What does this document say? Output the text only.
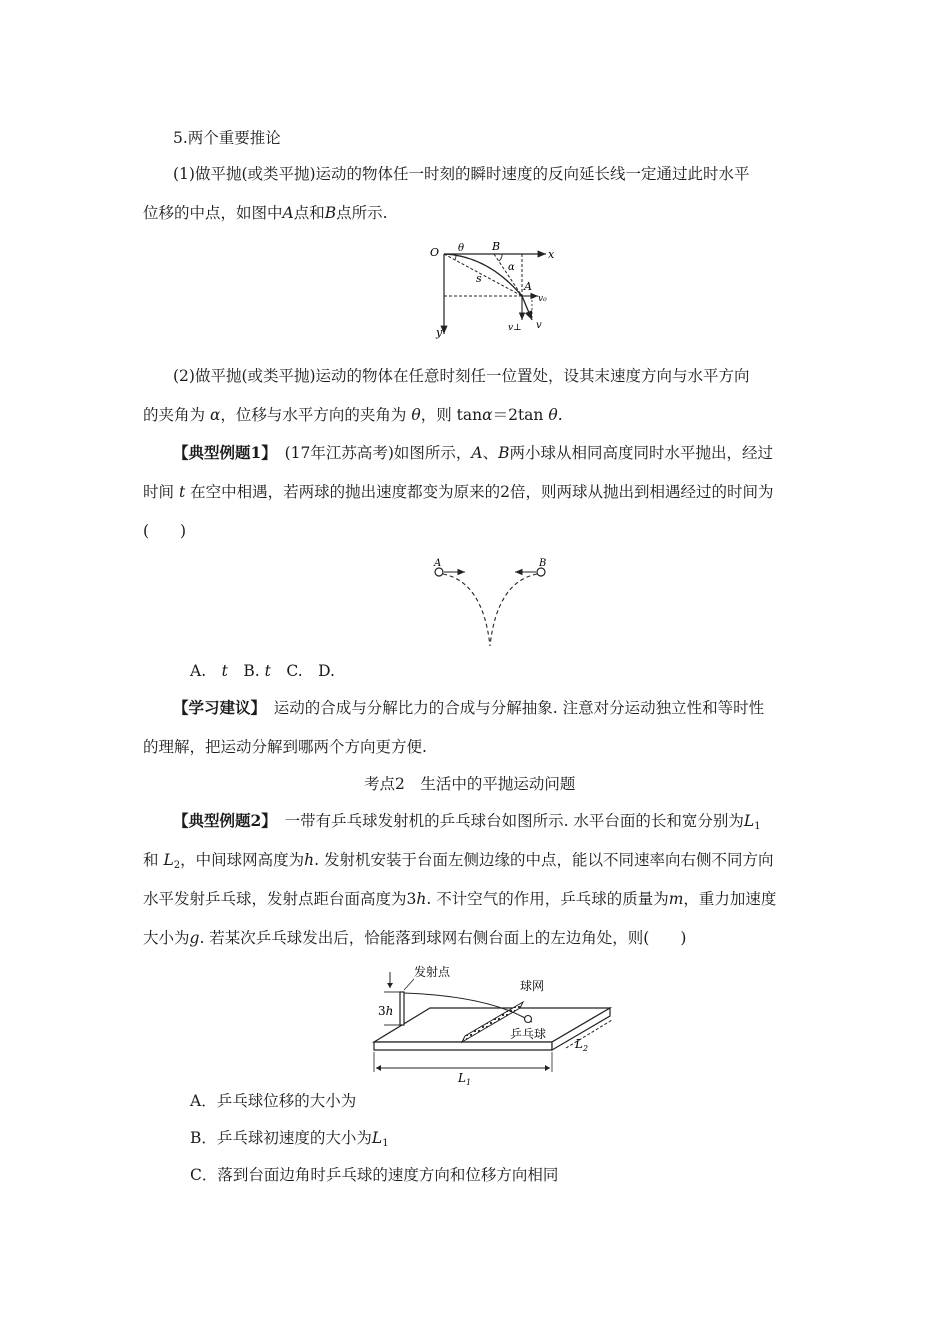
5.两个重要推论
(1)做平抛(或类平抛)运动的物体任一时刻的瞬时速度的反向延长线一定通过此时水平
位移的中点，如图中A点和B点所示.
O θ	B
α
x
s
A
v₀
v⊥ v
y
(2)做平抛(或类平抛)运动的物体在任意时刻任一位置处，设其末速度方向与水平方向
的夹角为 α，位移与水平方向的夹角为 θ，则 tanα＝2tan θ.
【典型例题1】　 (17年江苏高考)如图所示，A、B两小球从相同高度同时水平抛出，经过
时间 t 在空中相遇，若两球的抛出速度都变为原来的2倍，则两球从抛出到相遇经过的时间为
(　　)
A	B
A.　 t　 B. t　 C.　 D.
【学习建议】　 运动的合成与分解比力的合成与分解抽象. 注意对分运动独立性和等时性
的理解，把运动分解到哪两个方向更方便.
考点2　生活中的平抛运动问题
【典型例题2】　 一带有乒乓球发射机的乒乓球台如图所示. 水平台面的长和宽分别为$L_1$
和 $L_2$，中间球网高度为h. 发射机安装于台面左侧边缘的中点，能以不同速率向右侧不同方向
水平发射乒乓球，发射点距台面高度为3h. 不计空气的作用，乒乓球的质量为m，重力加速度
大小为g. 若某次乒乓球发出后，恰能落到球网右侧台面上的左边角处，则(　　)
发射点
球网
3h
乒乓球
$L_1$
$L_2$
A．乒乓球位移的大小为
B．乒乓球初速度的大小为$L_1$
C．落到台面边角时乒乓球的速度方向和位移方向相同
